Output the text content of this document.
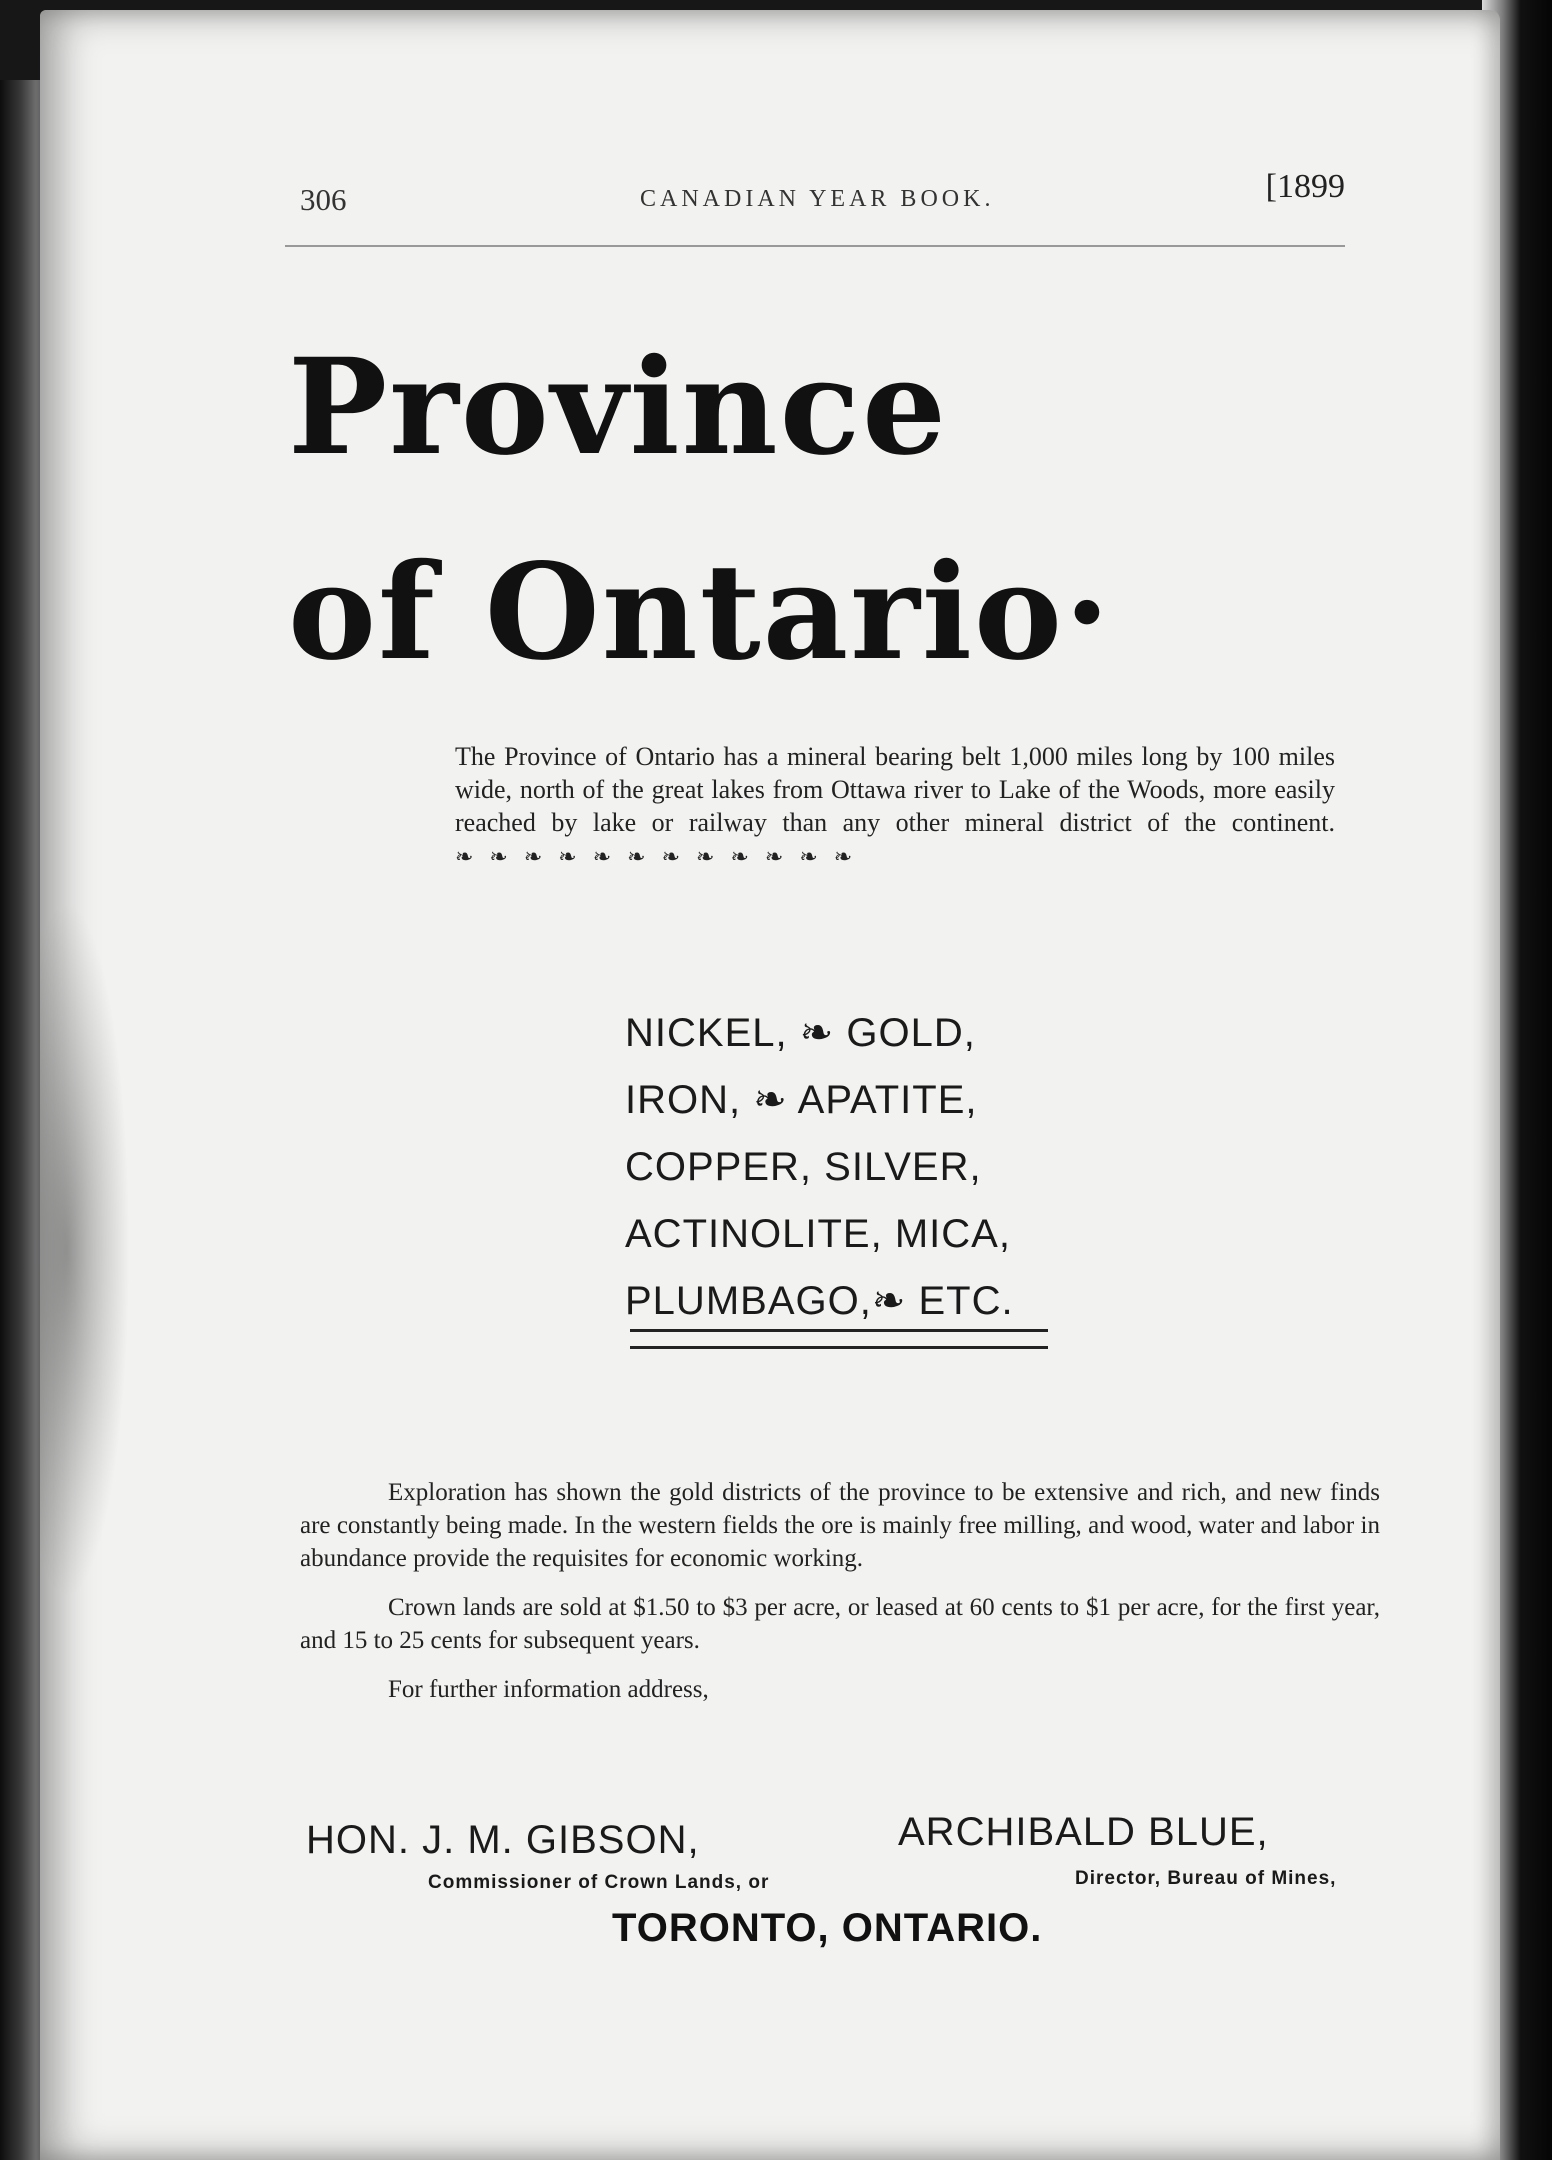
306	CANADIAN YEAR BOOK.	[1899
Province
of Ontario·
The Province of Ontario has a mineral bearing belt 1,000 miles long by 100 miles wide, north of the great lakes from Ottawa river to Lake of the Woods, more easily reached by lake or railway than any other mineral district of the continent. ❧❧❧❧❧❧❧❧❧❧❧❧
NICKEL, ❧ GOLD,
IRON, ❧ APATITE,
COPPER, SILVER,
ACTINOLITE, MICA,
PLUMBAGO,❧ ETC.

Exploration has shown the gold districts of the province to be extensive and rich, and new finds are constantly being made. In the western fields the ore is mainly free milling, and wood, water and labor in abundance provide the requisites for economic working.

Crown lands are sold at $1.50 to $3 per acre, or leased at 60 cents to $1 per acre, for the first year, and 15 to 25 cents for subsequent years.

For further information address,

HON. J. M. GIBSON,
Commissioner of Crown Lands, or
ARCHIBALD BLUE,
Director, Bureau of Mines,
TORONTO, ONTARIO.
